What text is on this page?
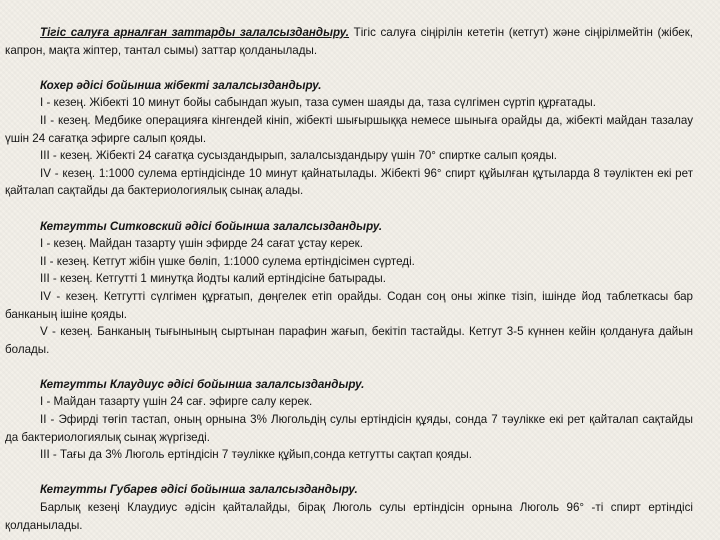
Тігіс салуға арналған заттарды залалсыздандыру. Тігіс салуға сіңірілін кететін (кетгут) және сіңірілмейтін (жібек, капрон, мақта жіптер, тантал сымы) заттар қолданылады.

Кохер әдісі бойынша жібекті залалсыздандыру.

I - кезең. Жібекті 10 минут бойы сабындап жуып, таза сумен шаяды да, таза сүлгімен сүртіп құрғатады.

II - кезең. Медбике операцияға кінгендей кініп, жібекті шығыршыққа немесе шыныға орайды да, жібекті майдан тазалау үшін 24 сағатқа эфирге салып қояды.

III - кезең. Жібекті 24 сағатқа сусыздандырып, залалсыздандыру үшін 70° спиртке салып қояды.

IV - кезең. 1:1000 сулема ертіндісінде 10 минут қайнатылады. Жібекті 96° спирт құйылған құтыларда 8 тәуліктен екі рет қайталап сақтайды да бактериологиялық сынақ алады.

Кетгутты Ситковский әдісі бойынша залалсыздандыру.

I - кезең. Майдан тазарту үшін эфирде 24 сағат ұстау керек.

II - кезең. Кетгут жібін үшке бөліп, 1:1000 сулема ертіндісімен сүртеді.

III - кезең. Кетгутті 1 минутқа йодты калий ертіндісіне батырады.

IV - кезең. Кетгутті сүлгімен құрғатып, дөңгелек етіп орайды. Содан соң оны жіпке тізіп, ішінде йод таблеткасы бар банканың ішіне қояды.

V - кезең. Банканың тығынының сыртынан парафин жағып, бекітіп тастайды. Кетгут 3-5 күннен кейін қолдануға дайын болады.

Кетгутты Клаудиус әдісі бойынша залалсыздандыру.

I - Майдан тазарту үшін 24 сағ. эфирге салу керек.

II - Эфирді төгіп тастап, оның орнына 3% Люгольдің сулы ертіндісін құяды, сонда 7 тәулікке екі рет қайталап сақтайды да бактериологиялық сынақ жүргізеді.

III - Тағы да 3% Люголь ертіндісін 7 тәулікке құйып,сонда кетгутты сақтап қояды.

Кетгутты Губарев әдісі бойынша залалсыздандыру.

Барлық кезеңі Клаудиус әдісін қайталайды, бірақ Люголь сулы ертіндісін орнына Люголь 96° -ті спирт ертіндісі қолданылады.
